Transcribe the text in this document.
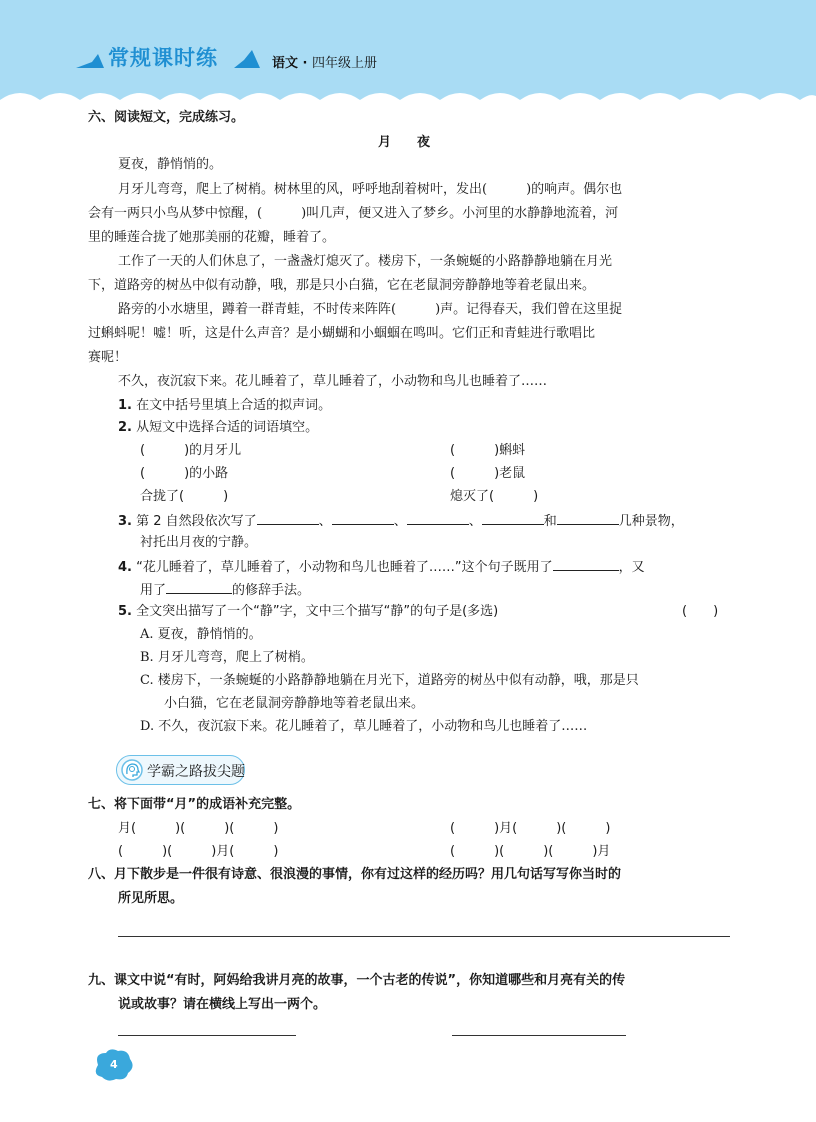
常规课时练	语文 · 四年级上册
六、阅读短文，完成练习。
月　　夜
夏夜，静悄悄的。
月牙儿弯弯，爬上了树梢。树林里的风，呼呼地刮着树叶，发出(　　　)的响声。偶尔也
会有一两只小鸟从梦中惊醒，(　　　)叫几声，便又进入了梦乡。小河里的水静静地流着，河
里的睡莲合拢了她那美丽的花瓣，睡着了。
工作了一天的人们休息了，一盏盏灯熄灭了。楼房下，一条蜿蜒的小路静静地躺在月光
下，道路旁的树丛中似有动静，哦，那是只小白猫，它在老鼠洞旁静静地等着老鼠出来。
路旁的小水塘里，蹲着一群青蛙，不时传来阵阵(　　　)声。记得春天，我们曾在这里捉
过蝌蚪呢！嘘！听，这是什么声音？是小蝴蝴和小蝈蝈在鸣叫。它们正和青蛙进行歌唱比
赛呢！
不久，夜沉寂下来。花儿睡着了，草儿睡着了，小动物和鸟儿也睡着了……
1. 在文中括号里填上合适的拟声词。
2. 从短文中选择合适的词语填空。
(　　　)的月牙儿	(　　　)蝌蚪
(　　　)的小路	(　　　)老鼠
合拢了(　　　)	熄灭了(　　　)
3. 第 2 自然段依次写了	、	、	、	和	几种景物，
衬托出月夜的宁静。
4. “花儿睡着了，草儿睡着了，小动物和鸟儿也睡着了……”这个句子既用了	，又
用了	的修辞手法。
5. 全文突出描写了一个“静”字，文中三个描写“静”的句子是(多选)	(　　)
A. 夏夜，静悄悄的。
B. 月牙儿弯弯，爬上了树梢。
C. 楼房下，一条蜿蜒的小路静静地躺在月光下，道路旁的树丛中似有动静，哦，那是只
小白猫，它在老鼠洞旁静静地等着老鼠出来。
D. 不久，夜沉寂下来。花儿睡着了，草儿睡着了，小动物和鸟儿也睡着了……
学霸之路拔尖题
七、将下面带“月”的成语补充完整。
月(　　　)(　　　)(　　　)	(　　　)月(　　　)(　　　)
(　　　)(　　　)月(　　　)	(　　　)(　　　)(　　　)月
八、月下散步是一件很有诗意、很浪漫的事情，你有过这样的经历吗？用几句话写写你当时的
所见所思。
九、课文中说“有时，阿妈给我讲月亮的故事，一个古老的传说”，你知道哪些和月亮有关的传
说或故事？请在横线上写出一两个。
4
